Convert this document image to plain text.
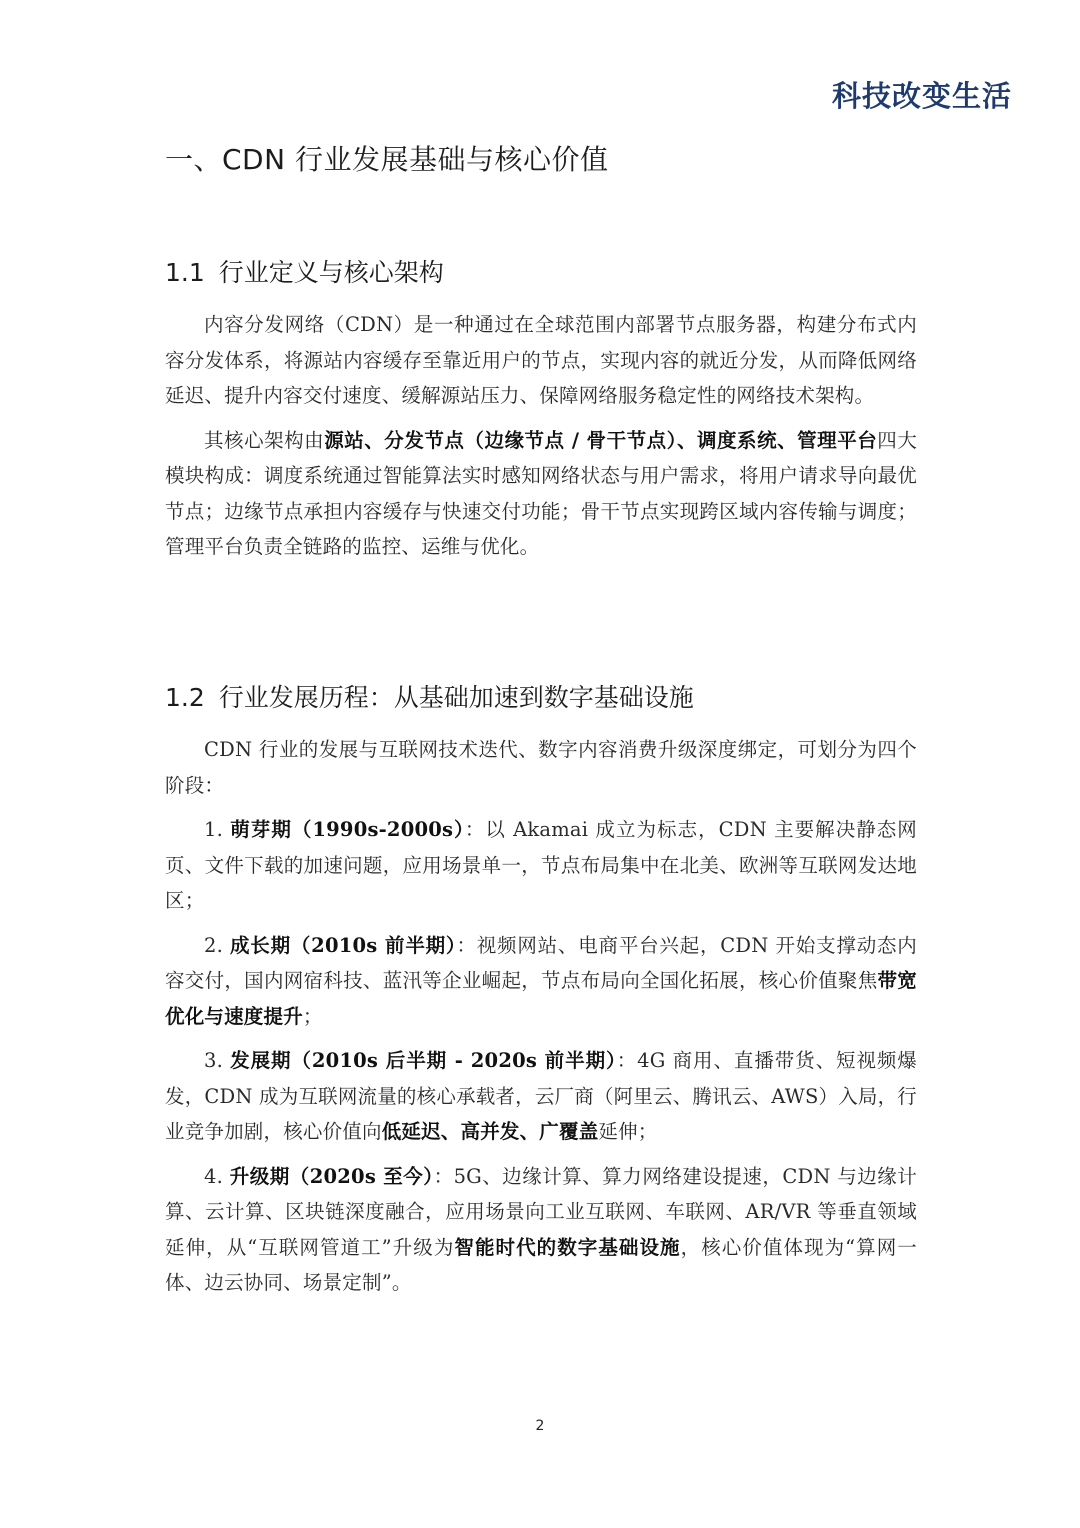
科技改变生活
一、CDN 行业发展基础与核心价值
1.1 行业定义与核心架构

内容分发网络（CDN）是一种通过在全球范围内部署节点服务器，构建分布式内容分发体系，将源站内容缓存至靠近用户的节点，实现内容的就近分发，从而降低网络延迟、提升内容交付速度、缓解源站压力、保障网络服务稳定性的网络技术架构。

其核心架构由源站、分发节点（边缘节点 / 骨干节点）、调度系统、管理平台四大模块构成：调度系统通过智能算法实时感知网络状态与用户需求，将用户请求导向最优节点；边缘节点承担内容缓存与快速交付功能；骨干节点实现跨区域内容传输与调度；管理平台负责全链路的监控、运维与优化。

1.2 行业发展历程：从基础加速到数字基础设施

CDN 行业的发展与互联网技术迭代、数字内容消费升级深度绑定，可划分为四个阶段：

1. 萌芽期（1990s-2000s）：以 Akamai 成立为标志，CDN 主要解决静态网页、文件下载的加速问题，应用场景单一，节点布局集中在北美、欧洲等互联网发达地区；

2. 成长期（2010s 前半期）：视频网站、电商平台兴起，CDN 开始支撑动态内容交付，国内网宿科技、蓝汛等企业崛起，节点布局向全国化拓展，核心价值聚焦带宽优化与速度提升；

3. 发展期（2010s 后半期 - 2020s 前半期）：4G 商用、直播带货、短视频爆发，CDN 成为互联网流量的核心承载者，云厂商（阿里云、腾讯云、AWS）入局，行业竞争加剧，核心价值向低延迟、高并发、广覆盖延伸；

4. 升级期（2020s 至今）：5G、边缘计算、算力网络建设提速，CDN 与边缘计算、云计算、区块链深度融合，应用场景向工业互联网、车联网、AR/VR 等垂直领域延伸，从“互联网管道工”升级为智能时代的数字基础设施，核心价值体现为“算网一体、边云协同、场景定制”。

2
